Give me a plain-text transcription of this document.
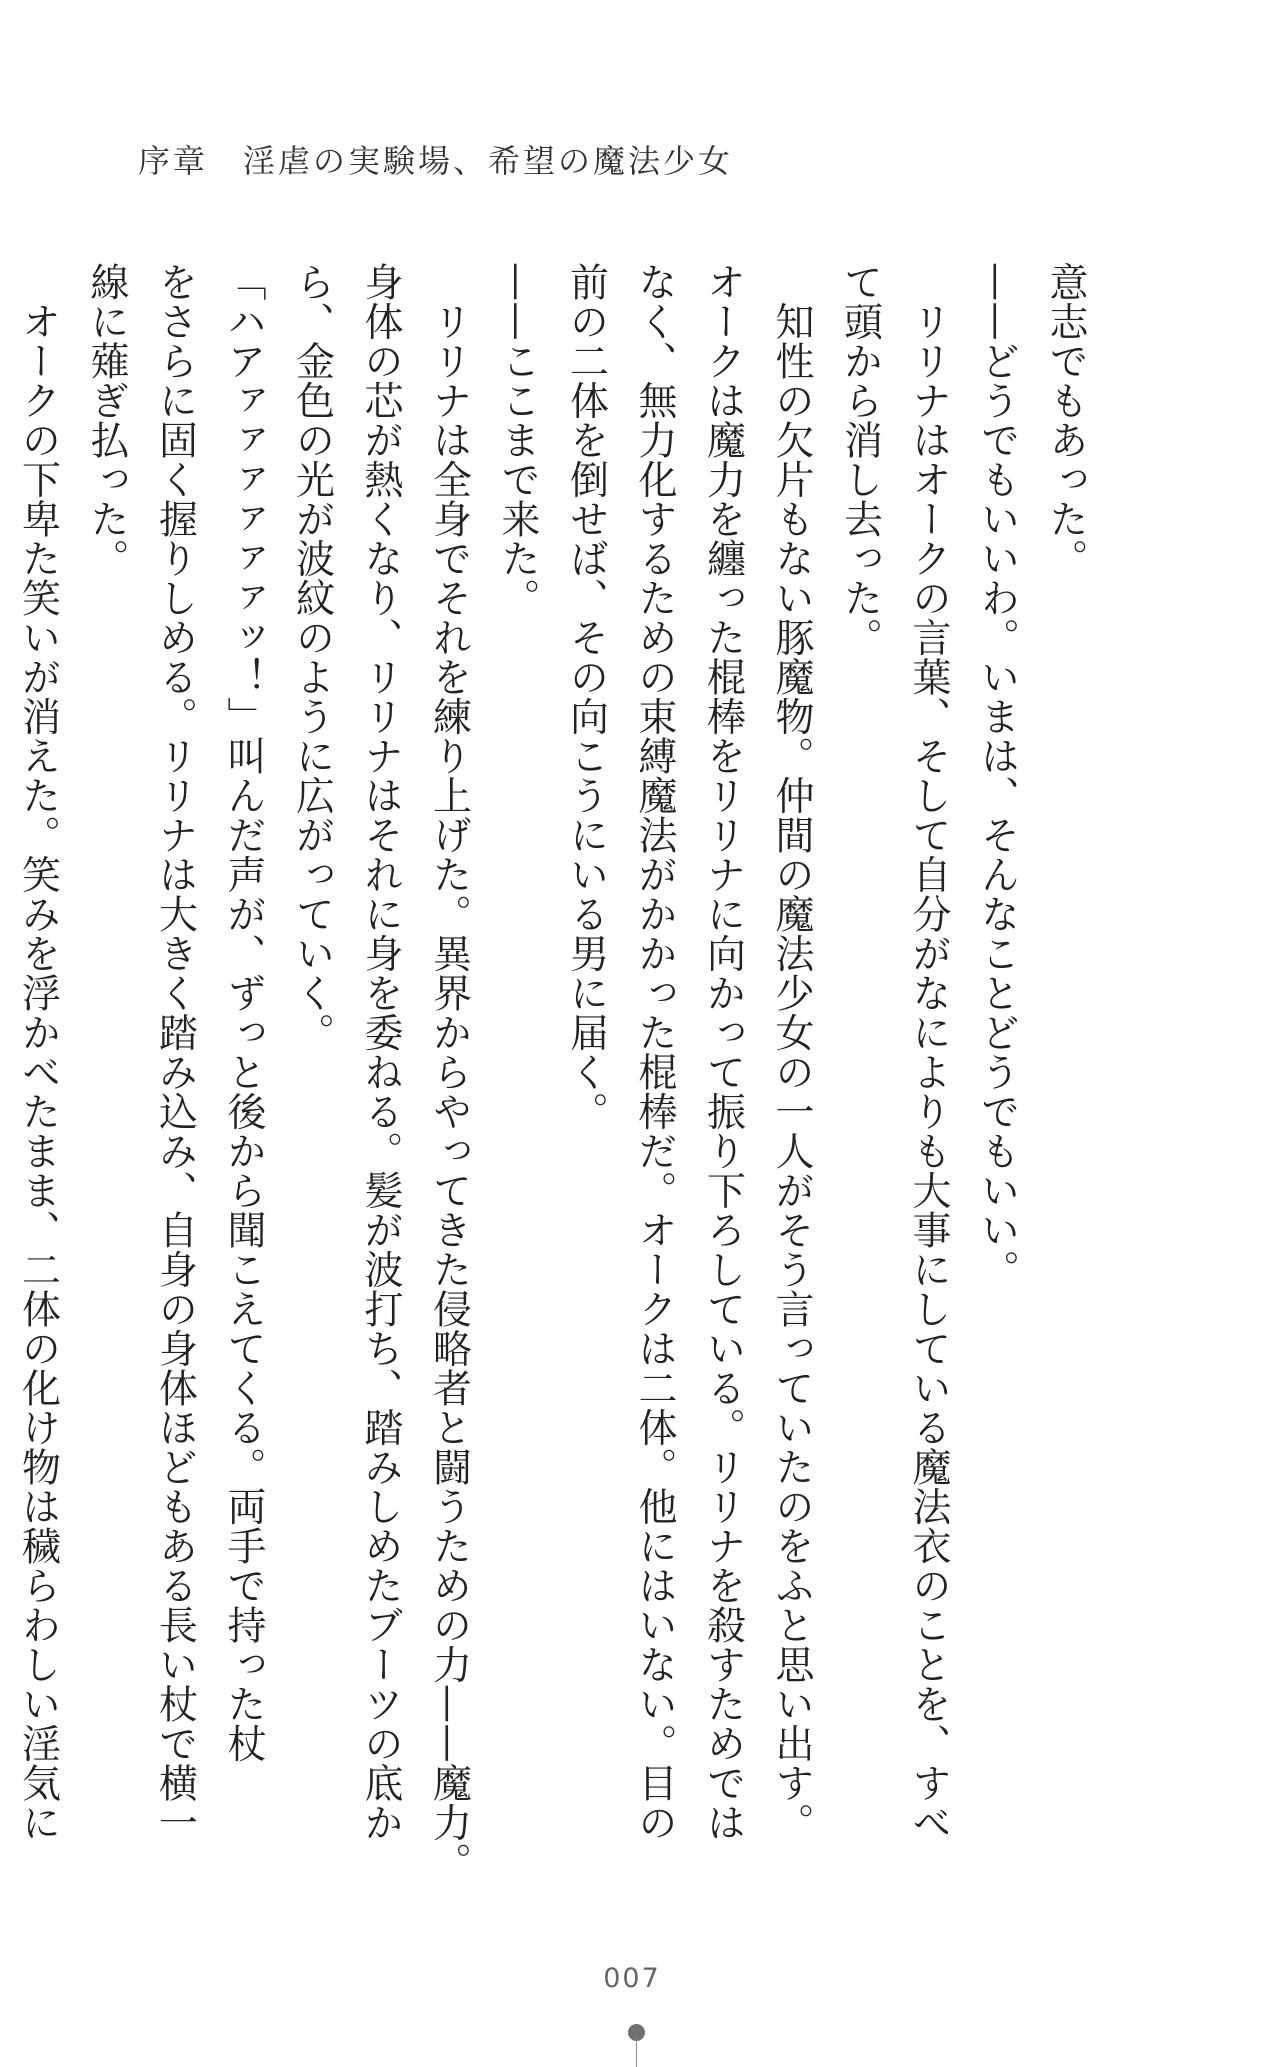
序章　淫虐の実験場、希望の魔法少女
意志でもあった。
——どうでもいいわ。いまは、そんなことどうでもいい。
　リリナはオークの言葉、そして自分がなによりも大事にしている魔法衣のことを、すべ
て頭から消し去った。
　知性の欠片もない豚魔物。仲間の魔法少女の一人がそう言っていたのをふと思い出す。
オークは魔力を纏った棍棒をリリナに向かって振り下ろしている。リリナを殺すためでは
なく、無力化するための束縛魔法がかかった棍棒だ。オークは二体。他にはいない。目の
前の二体を倒せば、その向こうにいる男に届く。
——ここまで来た。
　リリナは全身でそれを練り上げた。異界からやってきた侵略者と闘うための力——魔力。
身体の芯が熱くなり、リリナはそれに身を委ねる。髪が波打ち、踏みしめたブーツの底か
ら、金色の光が波紋のように広がっていく。
「ハアァァァァァァッ！」叫んだ声が、ずっと後から聞こえてくる。両手で持った杖
をさらに固く握りしめる。リリナは大きく踏み込み、自身の身体ほどもある長い杖で横一
線に薙ぎ払った。
　オークの下卑た笑いが消えた。笑みを浮かべたまま、二体の化け物は穢らわしい淫気に
007
